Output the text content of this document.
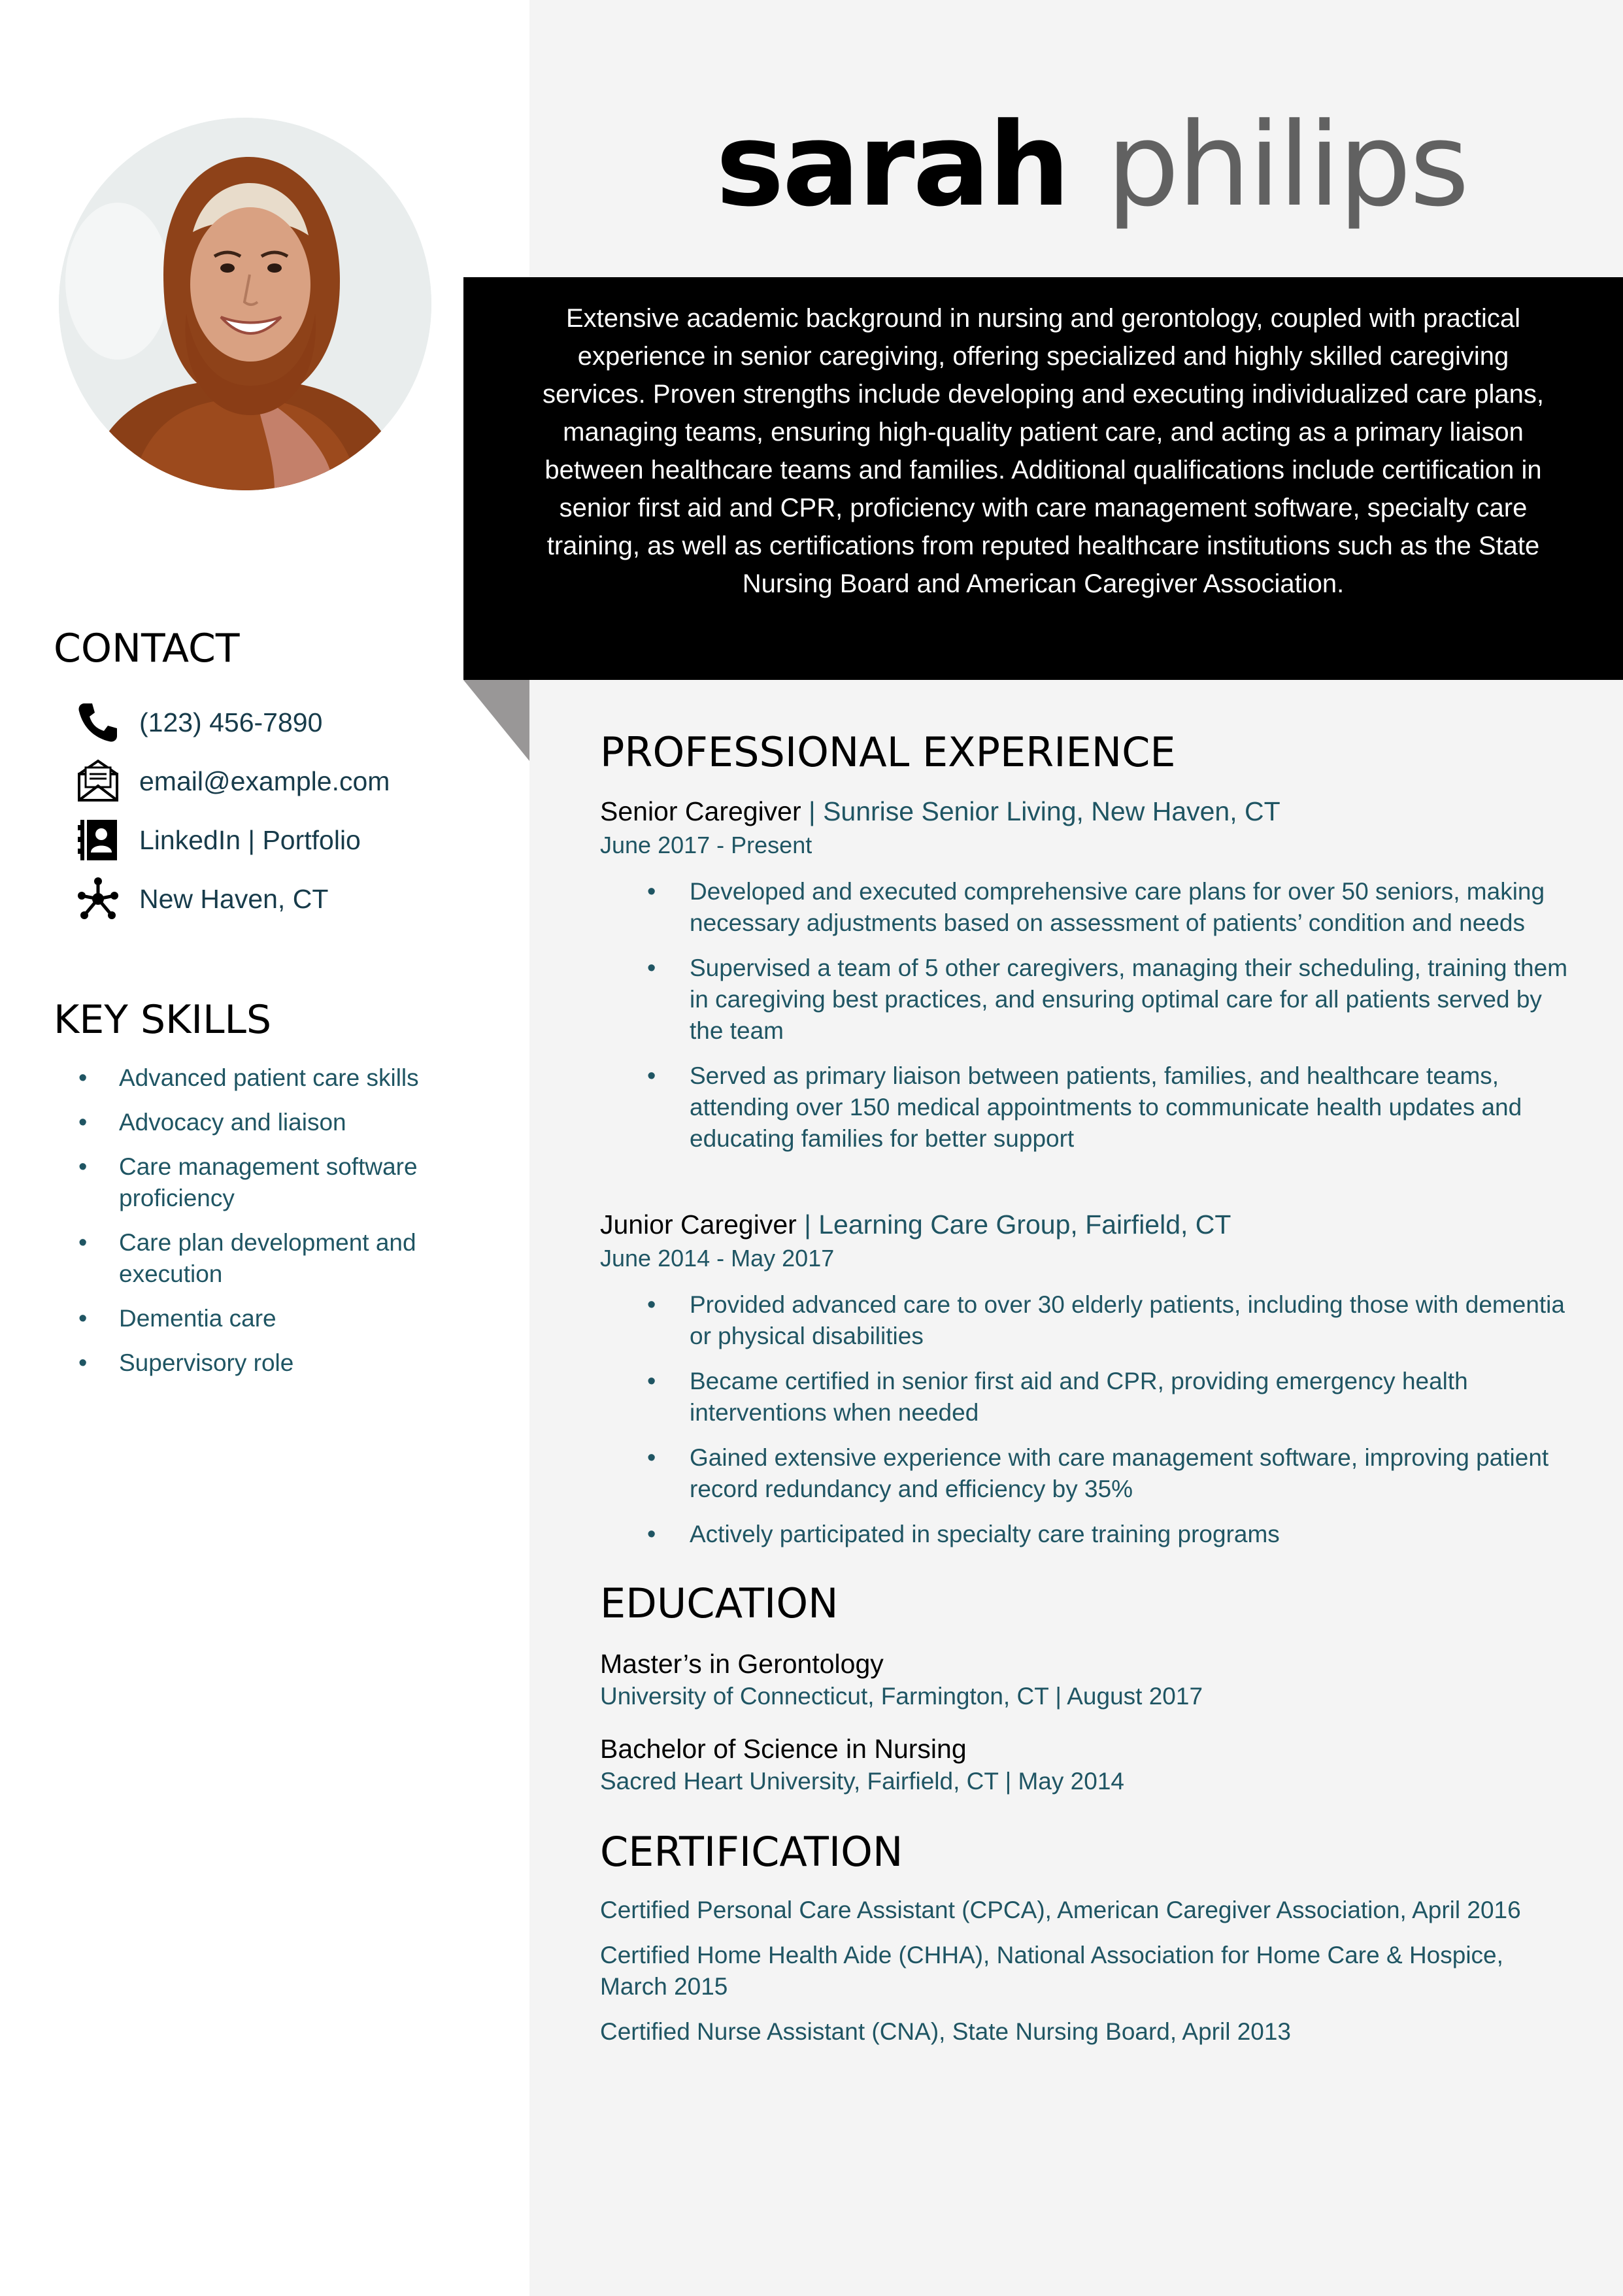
sarah philips
Extensive academic background in nursing and gerontology, coupled with practical experience in senior caregiving, offering specialized and highly skilled caregiving services. Proven strengths include developing and executing individualized care plans, managing teams, ensuring high-quality patient care, and acting as a primary liaison between healthcare teams and families. Additional qualifications include certification in senior first aid and CPR, proficiency with care management software, specialty care training, as well as certifications from reputed healthcare institutions such as the State Nursing Board and American Caregiver Association.
CONTACT
(123) 456-7890
email@example.com
LinkedIn | Portfolio
New Haven, CT
KEY SKILLS
• Advanced patient care skills
• Advocacy and liaison
• Care management software proficiency
• Care plan development and execution
• Dementia care
• Supervisory role
PROFESSIONAL EXPERIENCE
Senior Caregiver | Sunrise Senior Living, New Haven, CT
June 2017 - Present
• Developed and executed comprehensive care plans for over 50 seniors, making necessary adjustments based on assessment of patients’ condition and needs
• Supervised a team of 5 other caregivers, managing their scheduling, training them in caregiving best practices, and ensuring optimal care for all patients served by the team
• Served as primary liaison between patients, families, and healthcare teams, attending over 150 medical appointments to communicate health updates and educating families for better support
Junior Caregiver | Learning Care Group, Fairfield, CT
June 2014 - May 2017
• Provided advanced care to over 30 elderly patients, including those with dementia or physical disabilities
• Became certified in senior first aid and CPR, providing emergency health interventions when needed
• Gained extensive experience with care management software, improving patient record redundancy and efficiency by 35%
• Actively participated in specialty care training programs
EDUCATION
Master’s in Gerontology
University of Connecticut, Farmington, CT | August 2017
Bachelor of Science in Nursing
Sacred Heart University, Fairfield, CT | May 2014
CERTIFICATION
Certified Personal Care Assistant (CPCA), American Caregiver Association, April 2016
Certified Home Health Aide (CHHA), National Association for Home Care & Hospice, March 2015
Certified Nurse Assistant (CNA), State Nursing Board, April 2013
